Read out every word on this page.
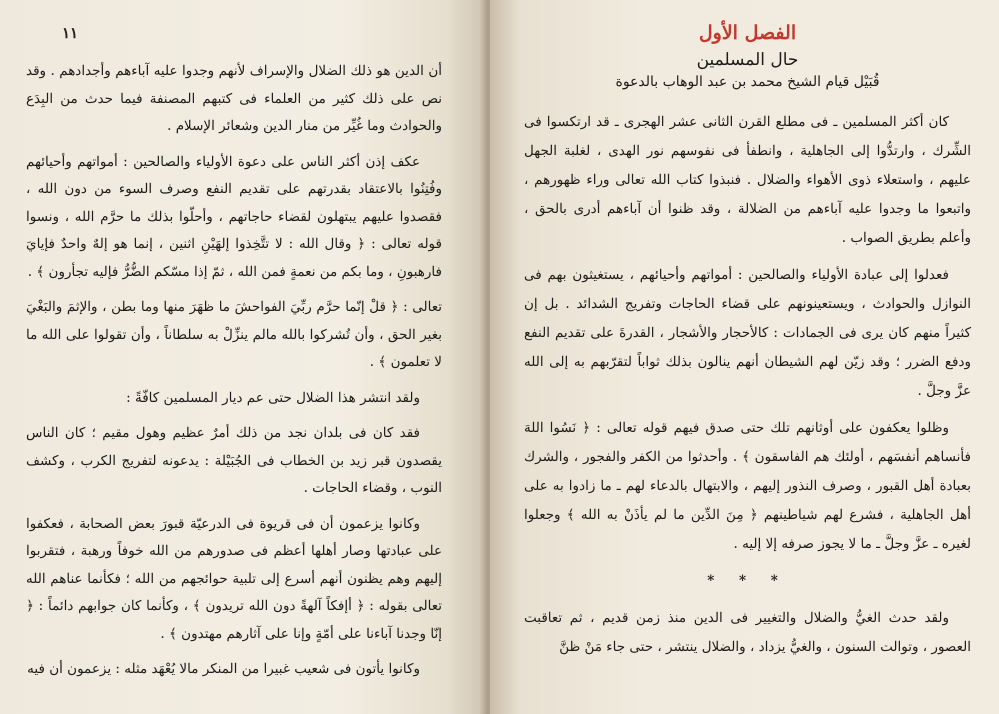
١١

أن الدين هو ذلك الضلال والإسراف لأنهم وجدوا عليه آباءهم وأجدادهم . وقد نص على ذلك كثير من العلماء فى كتبهم المصنفة فيما حدث من البِدَع والحوادث وما غُيِّر من منار الدين وشعائر الإسلام .

عكف إذن أكثر الناس على دعوة الأولياء والصالحين : أمواتهم وأحيائهم وفُتِنُوا بالاعتقاد بقدرتهم على تقديم النفع وصرف السوء من دون الله ، فقصدوا عليهم يبتهلون لقضاء حاجاتهم ، وأحلّوا بذلك ما حرَّم الله ، ونسوا قوله تعالى : ﴿ وقال الله : لا تتَّخِذوا إلهَيْنِ اثنين ، إنما هو إلهٌ واحدٌ فإيايَ فارهبونِ ، وما بكم من نعمةٍ فمن الله ، ثمّ إذا مسّكم الضُّرُّ فإليه تجأرون ﴾ .

تعالى : ﴿ قلْ إنّما حرَّم ربِّيَ الفواحشَ ما ظهَرَ منها وما بطن ، والإثمَ والبَغْيَ بغير الحق ، وأن تُشركوا بالله مالم ينزِّلْ به سلطاناً ، وأن تقولوا على الله ما لا تعلمون ﴾ .

ولقد انتشر هذا الضلال حتى عم ديار المسلمين كافّةً :

فقد كان فى بلدان نجد من ذلك أمرٌ عظيم وهول مقيم ؛ كان الناس يقصدون قبر زيد بن الخطاب فى الجُبَيْلة : يدعونه لتفريج الكرب ، وكشف النوب ، وقضاء الحاجات .

وكانوا يزعمون أن فى قريوة فى الدرعيّة قبورَ بعض الصحابة ، فعكفوا على عبادتها وصار أهلها أعظم فى صدورهم من الله خوفاً ورهبة ، فتقربوا إليهم وهم يظنون أنهم أسرع إلى تلبية حوائجهم من الله ؛ فكأنما عناهم الله تعالى بقوله : ﴿ أإفكاً آلهةً دون الله تريدون ﴾ ، وكأنما كان جوابهم دائماً : ﴿ إنّا وجدنا آباءنا على أمّةٍ وإنا على آثارهم مهتدون ﴾ .

وكانوا يأتون فى شعيب غبيرا من المنكر مالا يُعْهَد مثله : يزعمون أن فيه

الفصل الأول
حال المسلمين
قُبَيْل قيام الشيخ محمد بن عبد الوهاب بالدعوة

كان أكثر المسلمين ـ فى مطلع القرن الثانى عشر الهجرى ـ قد ارتكسوا فى الشِّرك ، وارتدُّوا إلى الجاهلية ، وانطفأ فى نفوسهم نور الهدى ، لغلبة الجهل عليهم ، واستعلاء ذوى الأهواء والضلال . فنبذوا كتاب الله تعالى وراء ظهورهم ، واتبعوا ما وجدوا عليه آباءهم من الضلالة ، وقد ظنوا أن آباءهم أدرى بالحق ، وأعلم بطريق الصواب .

فعدلوا إلى عبادة الأولياء والصالحين : أمواتهم وأحيائهم ، يستغيثون بهم فى النوازل والحوادث ، ويستعينونهم على قضاء الحاجات وتفريج الشدائد . بل إن كثيراً منهم كان يرى فى الجمادات : كالأحجار والأشجار ، القدرةَ على تقديم النفع ودفع الضرر ؛ وقد زيّن لهم الشيطان أنهم ينالون بذلك ثواباً لتقرّبهم به إلى الله عزَّ وجلَّ .

وظلوا يعكفون على أوثانهم تلك حتى صدق فيهم قوله تعالى : ﴿ نَسُوا اللهَ فأنساهم أنفسَهم ، أولئك هم الفاسقون ﴾ . وأحدثوا من الكفر والفجور ، والشرك بعبادة أهل القبور ، وصرف النذور إليهم ، والابتهال بالدعاء لهم ـ ما زادوا به على أهل الجاهلية ، فشرع لهم شياطينهم ﴿ مِنَ الدِّين ما لم يأذَنْ به الله ﴾ وجعلوا لغيره ـ عزَّ وجلَّ ـ ما لا يجوز صرفه إلا إليه .

* * *

ولقد حدث الغيُّ والضلال والتغيير فى الدين منذ زمن قديم ، ثم تعاقبت العصور ، وتوالت السنون ، والغيُّ يزداد ، والضلال ينتشر ، حتى جاء مَنْ ظنَّ
